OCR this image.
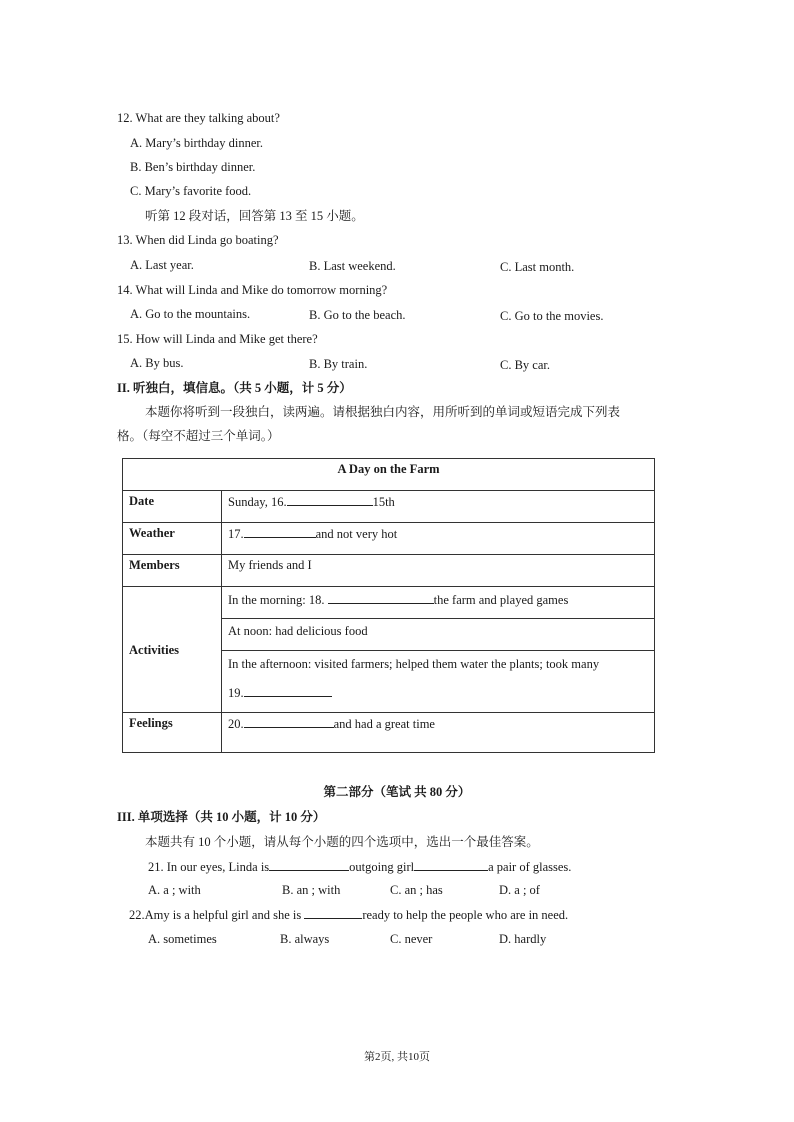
12. What are they talking about?
A. Mary’s birthday dinner.
B. Ben’s birthday dinner.
C. Mary’s favorite food.
听第 12 段对话，回答第 13 至 15 小题。
13. When did Linda go boating?
A. Last year.	B. Last weekend.	C. Last month.
14. What will Linda and Mike do tomorrow morning?
A. Go to the mountains.	B. Go to the beach.	C. Go to the movies.
15. How will Linda and Mike get there?
A. By bus.	B. By train.	C. By car.
II. 听独白，填信息。（共 5 小题，计 5 分）
本题你将听到一段独白，读两遍。请根据独白内容，用所听到的单词或短语完成下列表
格。（每空不超过三个单词。）
A Day on the Farm	
Date	Sunday, 16. 15th
Weather	17. and not very hot
Members	My friends and I
Activities	In the morning: 18. the farm and played games
	At noon: had delicious food

	In the afternoon: visited farmers; helped them water the plants; took many
19.

Feelings	20. and had a great time
第二部分（笔试 共 80 分）
III. 单项选择（共 10 小题，计 10 分）
本题共有 10 个小题，请从每个小题的四个选项中，选出一个最佳答案。
21. In our eyes, Linda is	outgoing girl	a pair of glasses.
A. a ; with	B. an ; with	C. an ; has	D. a ; of
22.Amy is a helpful girl and she is	ready to help the people who are in need.
A. sometimes	B. always	C. never	D. hardly
第2页, 共10页
